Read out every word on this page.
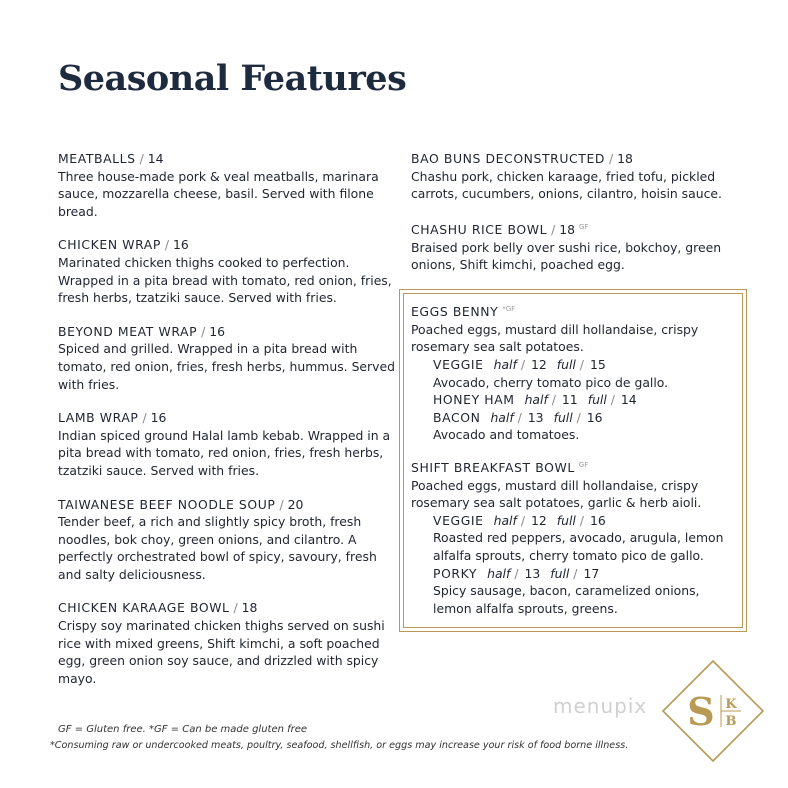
Seasonal Features
MEATBALLS / 14

Three house-made pork & veal meatballs, marinara sauce, mozzarella cheese, basil. Served with filone bread.

CHICKEN WRAP / 16

Marinated chicken thighs cooked to perfection. Wrapped in a pita bread with tomato, red onion, fries, fresh herbs, tzatziki sauce. Served with fries.

BEYOND MEAT WRAP / 16

Spiced and grilled. Wrapped in a pita bread with tomato, red onion, fries, fresh herbs, hummus. Served with fries.

LAMB WRAP / 16

Indian spiced ground Halal lamb kebab. Wrapped in a pita bread with tomato, red onion, fries, fresh herbs, tzatziki sauce. Served with fries.

TAIWANESE BEEF NOODLE SOUP / 20

Tender beef, a rich and slightly spicy broth, fresh noodles, bok choy, green onions, and cilantro. A perfectly orchestrated bowl of spicy, savoury, fresh and salty deliciousness.

CHICKEN KARAAGE BOWL / 18

Crispy soy marinated chicken thighs served on sushi rice with mixed greens, Shift kimchi, a soft poached egg, green onion soy sauce, and drizzled with spicy mayo.

BAO BUNS DECONSTRUCTED / 18

Chashu pork, chicken karaage, fried tofu, pickled carrots, cucumbers, onions, cilantro, hoisin sauce.

CHASHU RICE BOWL / 18 $^{GF}$

Braised pork belly over sushi rice, bokchoy, green onions, Shift kimchi, poached egg.

EGGS BENNY $^{*GF}$

Poached eggs, mustard dill hollandaise, crispy rosemary sea salt potatoes.

VEGGIE half / 12 full / 15
Avocado, cherry tomato pico de gallo.
HONEY HAM half / 11 full / 14
BACON half / 13 full / 16
Avocado and tomatoes.
SHIFT BREAKFAST BOWL $^{GF}$

Poached eggs, mustard dill hollandaise, crispy rosemary sea salt potatoes, garlic & herb aioli.

VEGGIE half / 12 full / 16
Roasted red peppers, avocado, arugula, lemon alfalfa sprouts, cherry tomato pico de gallo.
PORKY half / 13 full / 17
Spicy sausage, bacon, caramelized onions, lemon alfalfa sprouts, greens.
GF = Gluten free. *GF = Can be made gluten free
*Consuming raw or undercooked meats, poultry, seafood, shellfish, or eggs may increase your risk of food borne illness.
menupix S K
B
